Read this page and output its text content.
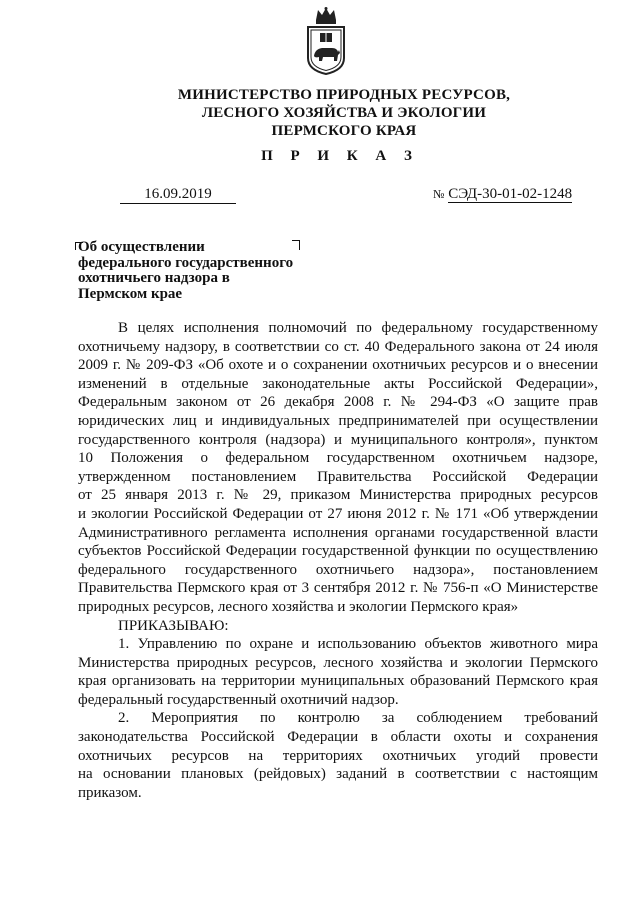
МИНИСТЕРСТВО ПРИРОДНЫХ РЕСУРСОВ,
ЛЕСНОГО ХОЗЯЙСТВА И ЭКОЛОГИИ
ПЕРМСКОГО КРАЯ
П Р И К А З
16.09.2019	№ СЭД-30-01-02-1248
Об осуществлении
федерального государственного
охотничьего надзора в
Пермском крае
В целях исполнения полномочий по федеральному государственному
охотничьему надзору, в соответствии со ст. 40 Федерального закона от 24 июля
2009 г. № 209-ФЗ «Об охоте и о сохранении охотничьих ресурсов и о внесении
изменений в отдельные законодательные акты Российской Федерации»,
Федеральным законом от 26 декабря 2008 г. № 294-ФЗ «О защите прав
юридических лиц и индивидуальных предпринимателей при осуществлении
государственного контроля (надзора) и муниципального контроля», пунктом
10 Положения о федеральном государственном охотничьем надзоре,
утвержденном постановлением Правительства Российской Федерации
от 25 января 2013 г. № 29, приказом Министерства природных ресурсов
и экологии Российской Федерации от 27 июня 2012 г. № 171 «Об утверждении
Административного регламента исполнения органами государственной власти
субъектов Российской Федерации государственной функции по осуществлению
федерального государственного охотничьего надзора», постановлением
Правительства Пермского края от 3 сентября 2012 г. № 756-п «О Министерстве
природных ресурсов, лесного хозяйства и экологии Пермского края»
ПРИКАЗЫВАЮ:
1. Управлению по охране и использованию объектов животного мира
Министерства природных ресурсов, лесного хозяйства и экологии Пермского
края организовать на территории муниципальных образований Пермского края
федеральный государственный охотничий надзор.
2. Мероприятия по контролю за соблюдением требований
законодательства Российской Федерации в области охоты и сохранения
охотничьих ресурсов на территориях охотничьих угодий провести
на основании плановых (рейдовых) заданий в соответствии с настоящим
приказом.
